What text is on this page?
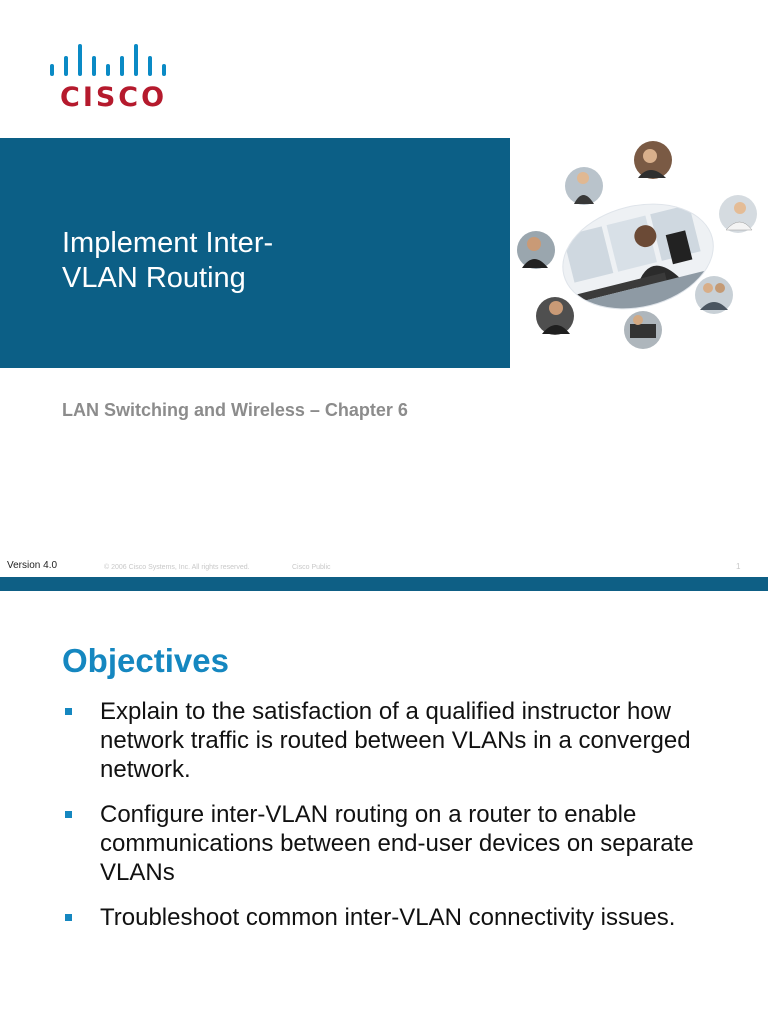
CISCO
Implement Inter-
VLAN Routing
LAN Switching and Wireless – Chapter 6
Version 4.0	© 2006 Cisco Systems, Inc. All rights reserved.	Cisco Public	1
Objectives
Explain to the satisfaction of a qualified instructor how network traffic is routed between VLANs in a converged network.
Configure inter-VLAN routing on a router to enable communications between end-user devices on separate VLANs
Troubleshoot common inter-VLAN connectivity issues.
